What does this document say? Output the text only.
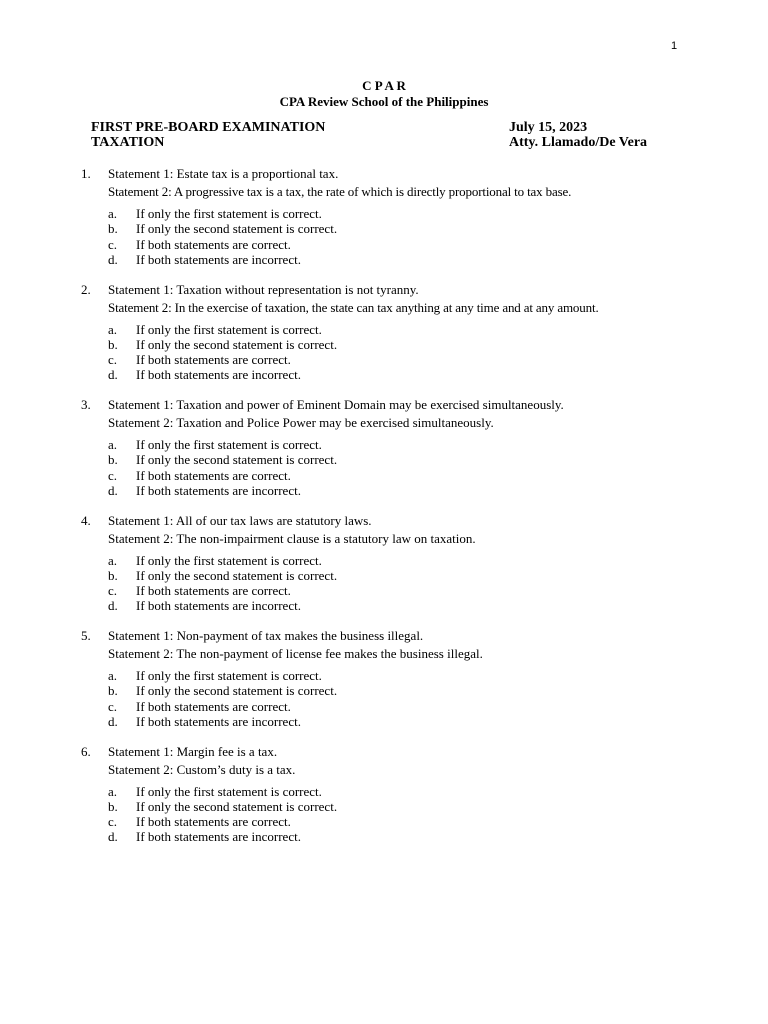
1
C P A R
CPA Review School of the Philippines
FIRST PRE-BOARD EXAMINATION
TAXATION
July 15, 2023
Atty. Llamado/De Vera
1. Statement 1: Estate tax is a proportional tax.
Statement 2: A progressive tax is a tax, the rate of which is directly proportional to tax base.
a. If only the first statement is correct.
b. If only the second statement is correct.
c. If both statements are correct.
d. If both statements are incorrect.
2. Statement 1: Taxation without representation is not tyranny.
Statement 2: In the exercise of taxation, the state can tax anything at any time and at any amount.
a. If only the first statement is correct.
b. If only the second statement is correct.
c. If both statements are correct.
d. If both statements are incorrect.
3. Statement 1: Taxation and power of Eminent Domain may be exercised simultaneously.
Statement 2: Taxation and Police Power may be exercised simultaneously.
a. If only the first statement is correct.
b. If only the second statement is correct.
c. If both statements are correct.
d. If both statements are incorrect.
4. Statement 1: All of our tax laws are statutory laws.
Statement 2: The non-impairment clause is a statutory law on taxation.
a. If only the first statement is correct.
b. If only the second statement is correct.
c. If both statements are correct.
d. If both statements are incorrect.
5. Statement 1: Non-payment of tax makes the business illegal.
Statement 2: The non-payment of license fee makes the business illegal.
a. If only the first statement is correct.
b. If only the second statement is correct.
c. If both statements are correct.
d. If both statements are incorrect.
6. Statement 1: Margin fee is a tax.
Statement 2: Custom’s duty is a tax.
a. If only the first statement is correct.
b. If only the second statement is correct.
c. If both statements are correct.
d. If both statements are incorrect.
